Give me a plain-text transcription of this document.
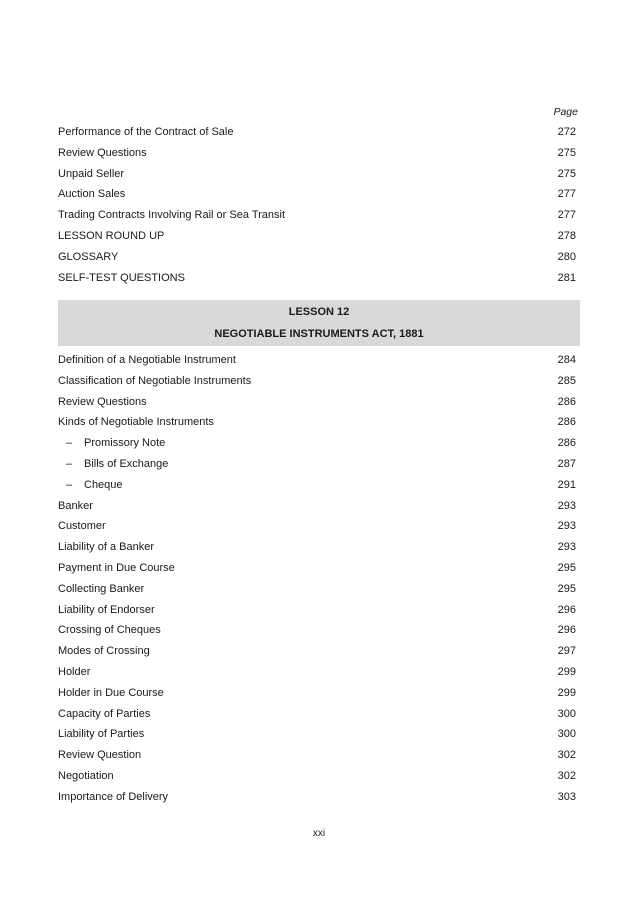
Page
Performance of the Contract of Sale	272
Review Questions	275
Unpaid Seller	275
Auction Sales	277
Trading Contracts Involving Rail or Sea Transit	277
LESSON ROUND UP	278
GLOSSARY	280
SELF-TEST QUESTIONS	281
LESSON 12
NEGOTIABLE INSTRUMENTS ACT, 1881
Definition of a Negotiable Instrument	284
Classification of Negotiable Instruments	285
Review Questions	286
Kinds of Negotiable Instruments	286
– Promissory Note	286
– Bills of Exchange	287
– Cheque	291
Banker	293
Customer	293
Liability of a Banker	293
Payment in Due Course	295
Collecting Banker	295
Liability of Endorser	296
Crossing of Cheques	296
Modes of Crossing	297
Holder	299
Holder in Due Course	299
Capacity of Parties	300
Liability of Parties	300
Review Question	302
Negotiation	302
Importance of Delivery	303
xxi
